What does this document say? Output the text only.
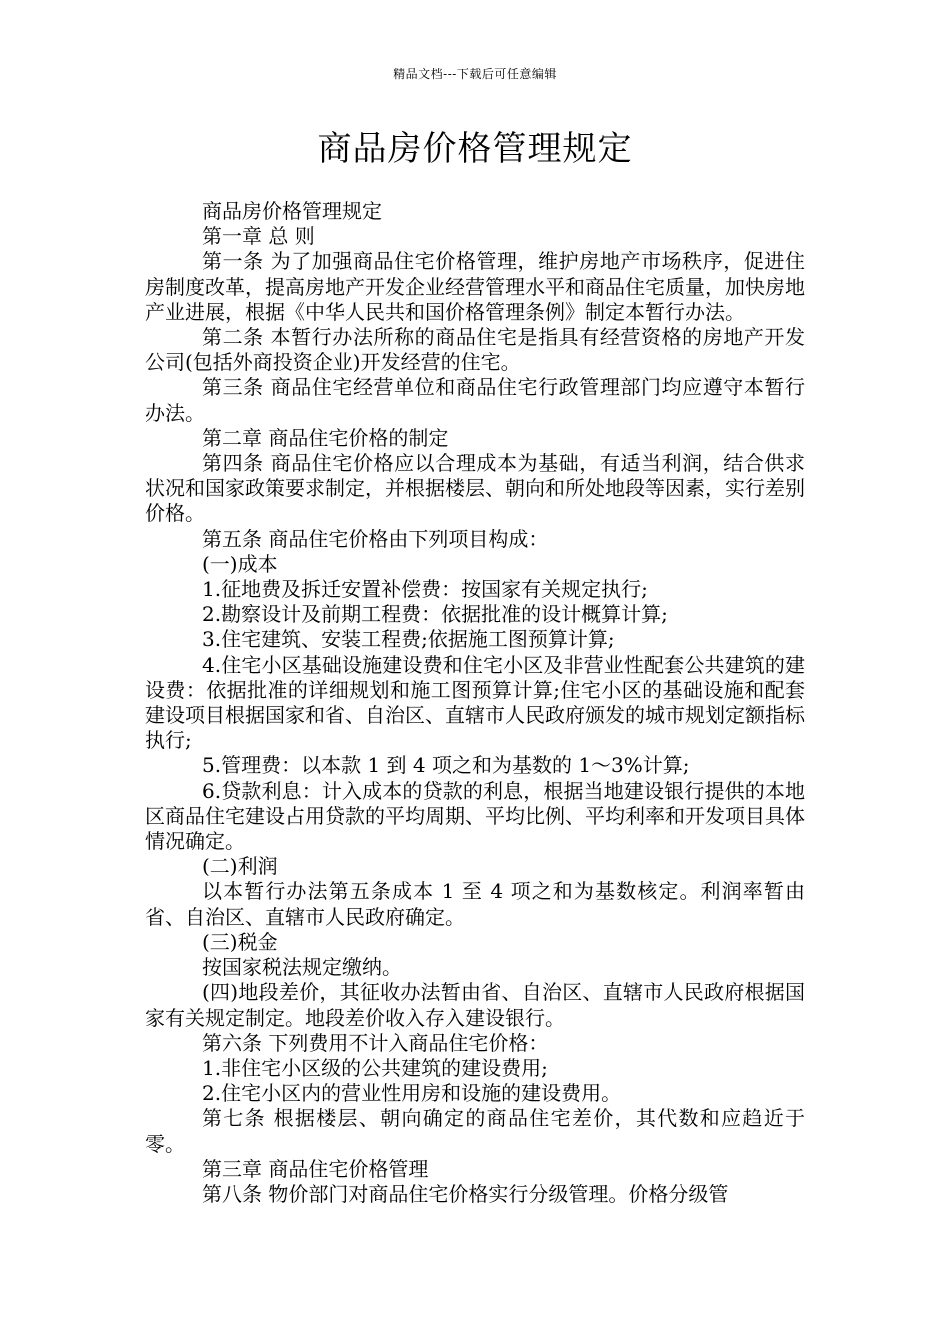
精品文档---下载后可任意编辑
商品房价格管理规定

商品房价格管理规定

第一章 总 则

第一条 为了加强商品住宅价格管理，维护房地产市场秩序，促进住房制度改革，提高房地产开发企业经营管理水平和商品住宅质量，加快房地产业进展，根据《中华人民共和国价格管理条例》制定本暂行办法。

第二条 本暂行办法所称的商品住宅是指具有经营资格的房地产开发公司(包括外商投资企业)开发经营的住宅。

第三条 商品住宅经营单位和商品住宅行政管理部门均应遵守本暂行办法。

第二章 商品住宅价格的制定

第四条 商品住宅价格应以合理成本为基础，有适当利润，结合供求状况和国家政策要求制定，并根据楼层、朝向和所处地段等因素，实行差别价格。

第五条 商品住宅价格由下列项目构成：

(一)成本

1.征地费及拆迁安置补偿费：按国家有关规定执行;

2.勘察设计及前期工程费：依据批准的设计概算计算;

3.住宅建筑、安装工程费;依据施工图预算计算;

4.住宅小区基础设施建设费和住宅小区及非营业性配套公共建筑的建设费：依据批准的详细规划和施工图预算计算;住宅小区的基础设施和配套建设项目根据国家和省、自治区、直辖市人民政府颁发的城市规划定额指标执行;

5.管理费：以本款 1 到 4 项之和为基数的 1～3%计算;

6.贷款利息：计入成本的贷款的利息，根据当地建设银行提供的本地区商品住宅建设占用贷款的平均周期、平均比例、平均利率和开发项目具体情况确定。

(二)利润

以本暂行办法第五条成本 1 至 4 项之和为基数核定。利润率暂由省、自治区、直辖市人民政府确定。

(三)税金

按国家税法规定缴纳。

(四)地段差价，其征收办法暂由省、自治区、直辖市人民政府根据国家有关规定制定。地段差价收入存入建设银行。

第六条 下列费用不计入商品住宅价格：

1.非住宅小区级的公共建筑的建设费用;

2.住宅小区内的营业性用房和设施的建设费用。

第七条 根据楼层、朝向确定的商品住宅差价，其代数和应趋近于零。

第三章 商品住宅价格管理

第八条 物价部门对商品住宅价格实行分级管理。价格分级管
